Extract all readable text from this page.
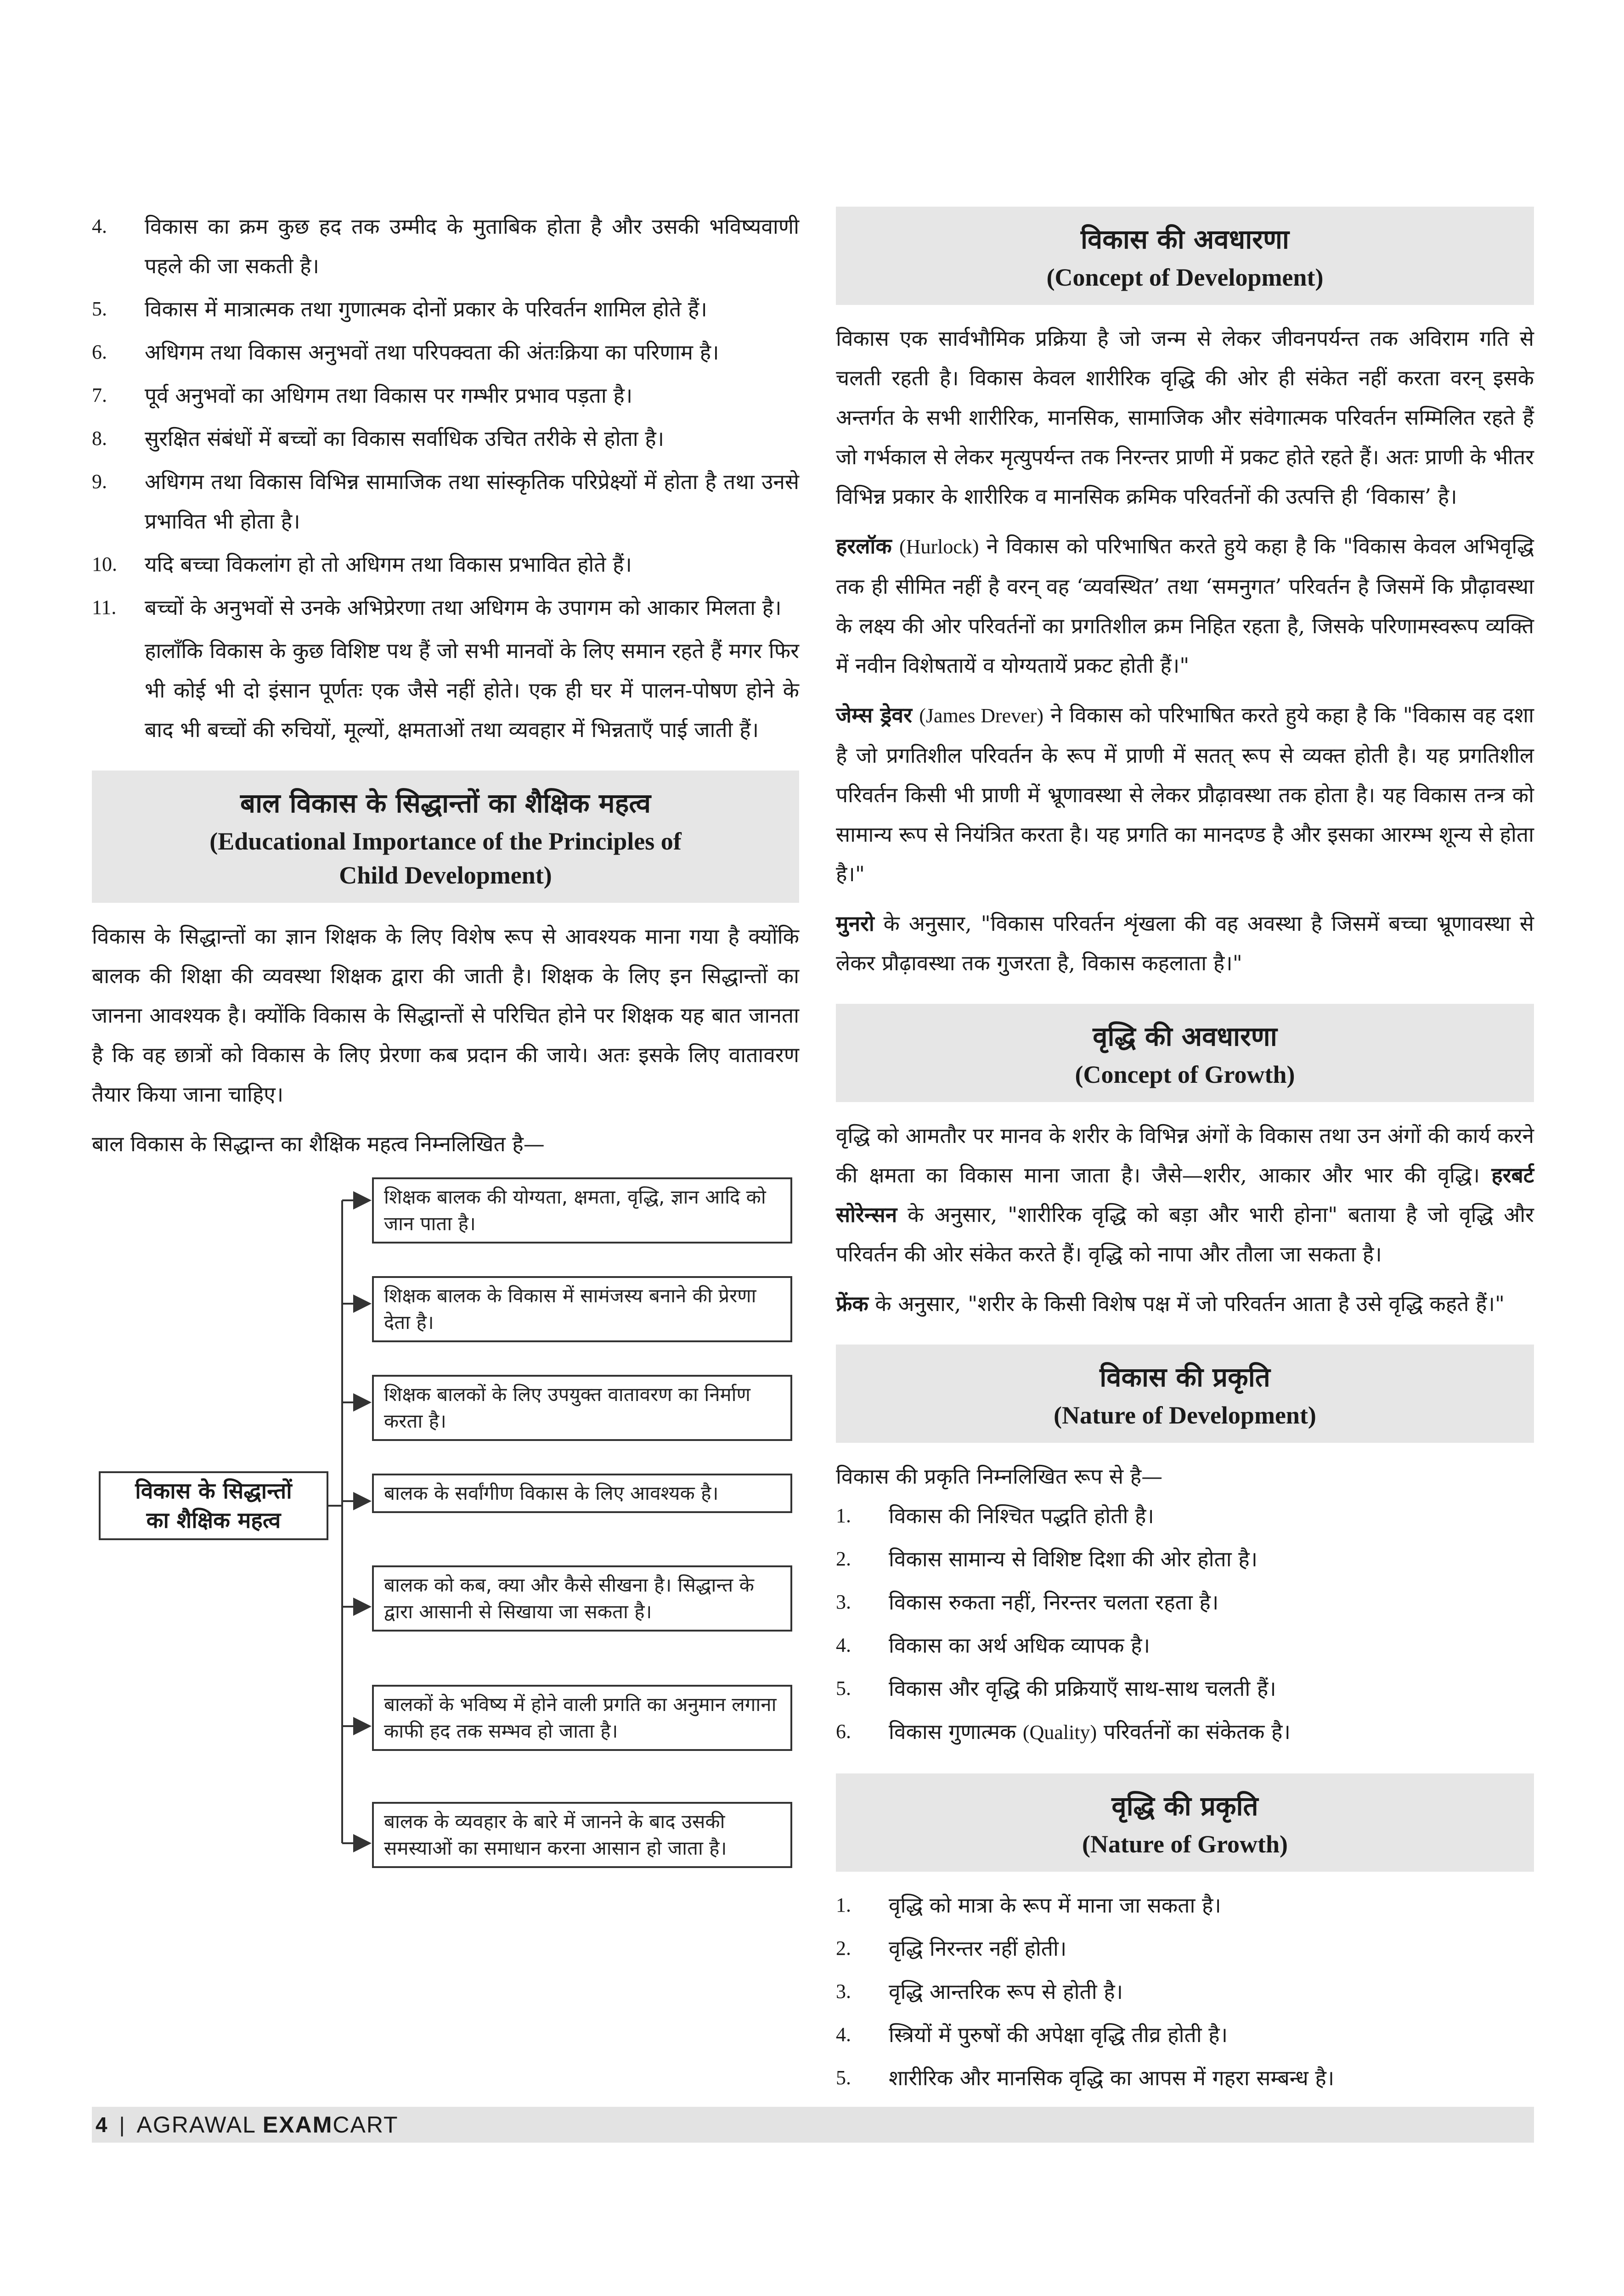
4.	विकास का क्रम कुछ हद तक उम्मीद के मुताबिक होता है और उसकी भविष्यवाणी पहले की जा सकती है।
5.	विकास में मात्रात्मक तथा गुणात्मक दोनों प्रकार के परिवर्तन शामिल होते हैं।
6.	अधिगम तथा विकास अनुभवों तथा परिपक्वता की अंतःक्रिया का परिणाम है।
7.	पूर्व अनुभवों का अधिगम तथा विकास पर गम्भीर प्रभाव पड़ता है।
8.	सुरक्षित संबंधों में बच्चों का विकास सर्वाधिक उचित तरीके से होता है।
9.	अधिगम तथा विकास विभिन्न सामाजिक तथा सांस्कृतिक परिप्रेक्ष्यों में होता है तथा उनसे प्रभावित भी होता है।
10.	यदि बच्चा विकलांग हो तो अधिगम तथा विकास प्रभावित होते हैं।
11.	बच्चों के अनुभवों से उनके अभिप्रेरणा तथा अधिगम के उपागम को आकार मिलता है।

हालाँकि विकास के कुछ विशिष्ट पथ हैं जो सभी मानवों के लिए समान रहते हैं मगर फिर भी कोई भी दो इंसान पूर्णतः एक जैसे नहीं होते। एक ही घर में पालन-पोषण होने के बाद भी बच्चों की रुचियों, मूल्यों, क्षमताओं तथा व्यवहार में भिन्नताएँ पाई जाती हैं।

बाल विकास के सिद्धान्तों का शैक्षिक महत्व
(Educational Importance of the Principles of
Child Development)

विकास के सिद्धान्तों का ज्ञान शिक्षक के लिए विशेष रूप से आवश्यक माना गया है क्योंकि बालक की शिक्षा की व्यवस्था शिक्षक द्वारा की जाती है। शिक्षक के लिए इन सिद्धान्तों का जानना आवश्यक है। क्योंकि विकास के सिद्धान्तों से परिचित होने पर शिक्षक यह बात जानता है कि वह छात्रों को विकास के लिए प्रेरणा कब प्रदान की जाये। अतः इसके लिए वातावरण तैयार किया जाना चाहिए।

बाल विकास के सिद्धान्त का शैक्षिक महत्व निम्नलिखित है—

विकास के सिद्धान्तों
का शैक्षिक महत्व
शिक्षक बालक की योग्यता, क्षमता, वृद्धि, ज्ञान आदि को जान पाता है।
शिक्षक बालक के विकास में सामंजस्य बनाने की प्रेरणा देता है।
शिक्षक बालकों के लिए उपयुक्त वातावरण का निर्माण करता है।
बालक के सर्वांगीण विकास के लिए आवश्यक है।
बालक को कब, क्या और कैसे सीखना है। सिद्धान्त के द्वारा आसानी से सिखाया जा सकता है।
बालकों के भविष्य में होने वाली प्रगति का अनुमान लगाना काफी हद तक सम्भव हो जाता है।
बालक के व्यवहार के बारे में जानने के बाद उसकी समस्याओं का समाधान करना आसान हो जाता है।
विकास की अवधारणा
(Concept of Development)

विकास एक सार्वभौमिक प्रक्रिया है जो जन्म से लेकर जीवनपर्यन्त तक अविराम गति से चलती रहती है। विकास केवल शारीरिक वृद्धि की ओर ही संकेत नहीं करता वरन् इसके अन्तर्गत के सभी शारीरिक, मानसिक, सामाजिक और संवेगात्मक परिवर्तन सम्मिलित रहते हैं जो गर्भकाल से लेकर मृत्युपर्यन्त तक निरन्तर प्राणी में प्रकट होते रहते हैं। अतः प्राणी के भीतर विभिन्न प्रकार के शारीरिक व मानसिक क्रमिक परिवर्तनों की उत्पत्ति ही ‘विकास’ है।

हरलॉक (Hurlock) ने विकास को परिभाषित करते हुये कहा है कि "विकास केवल अभिवृद्धि तक ही सीमित नहीं है वरन् वह ‘व्यवस्थित’ तथा ‘समनुगत’ परिवर्तन है जिसमें कि प्रौढ़ावस्था के लक्ष्य की ओर परिवर्तनों का प्रगतिशील क्रम निहित रहता है, जिसके परिणामस्वरूप व्यक्ति में नवीन विशेषतायें व योग्यतायें प्रकट होती हैं।"

जेम्स ड्रेवर (James Drever) ने विकास को परिभाषित करते हुये कहा है कि "विकास वह दशा है जो प्रगतिशील परिवर्तन के रूप में प्राणी में सतत् रूप से व्यक्त होती है। यह प्रगतिशील परिवर्तन किसी भी प्राणी में भ्रूणावस्था से लेकर प्रौढ़ावस्था तक होता है। यह विकास तन्त्र को सामान्य रूप से नियंत्रित करता है। यह प्रगति का मानदण्ड है और इसका आरम्भ शून्य से होता है।"

मुनरो के अनुसार, "विकास परिवर्तन शृंखला की वह अवस्था है जिसमें बच्चा भ्रूणावस्था से लेकर प्रौढ़ावस्था तक गुजरता है, विकास कहलाता है।"

वृद्धि की अवधारणा
(Concept of Growth)

वृद्धि को आमतौर पर मानव के शरीर के विभिन्न अंगों के विकास तथा उन अंगों की कार्य करने की क्षमता का विकास माना जाता है। जैसे—शरीर, आकार और भार की वृद्धि। हरबर्ट सोरेन्सन के अनुसार, "शारीरिक वृद्धि को बड़ा और भारी होना" बताया है जो वृद्धि और परिवर्तन की ओर संकेत करते हैं। वृद्धि को नापा और तौला जा सकता है।

फ्रेंक के अनुसार, "शरीर के किसी विशेष पक्ष में जो परिवर्तन आता है उसे वृद्धि कहते हैं।"

विकास की प्रकृति
(Nature of Development)

विकास की प्रकृति निम्नलिखित रूप से है—

1.	विकास की निश्चित पद्धति होती है।
2.	विकास सामान्य से विशिष्ट दिशा की ओर होता है।
3.	विकास रुकता नहीं, निरन्तर चलता रहता है।
4.	विकास का अर्थ अधिक व्यापक है।
5.	विकास और वृद्धि की प्रक्रियाएँ साथ-साथ चलती हैं।
6.	विकास गुणात्मक (Quality) परिवर्तनों का संकेतक है।
वृद्धि की प्रकृति
(Nature of Growth)
1.	वृद्धि को मात्रा के रूप में माना जा सकता है।
2.	वृद्धि निरन्तर नहीं होती।
3.	वृद्धि आन्तरिक रूप से होती है।
4.	स्त्रियों में पुरुषों की अपेक्षा वृद्धि तीव्र होती है।
5.	शारीरिक और मानसिक वृद्धि का आपस में गहरा सम्बन्ध है।
4 | AGRAWAL EXAMCART
